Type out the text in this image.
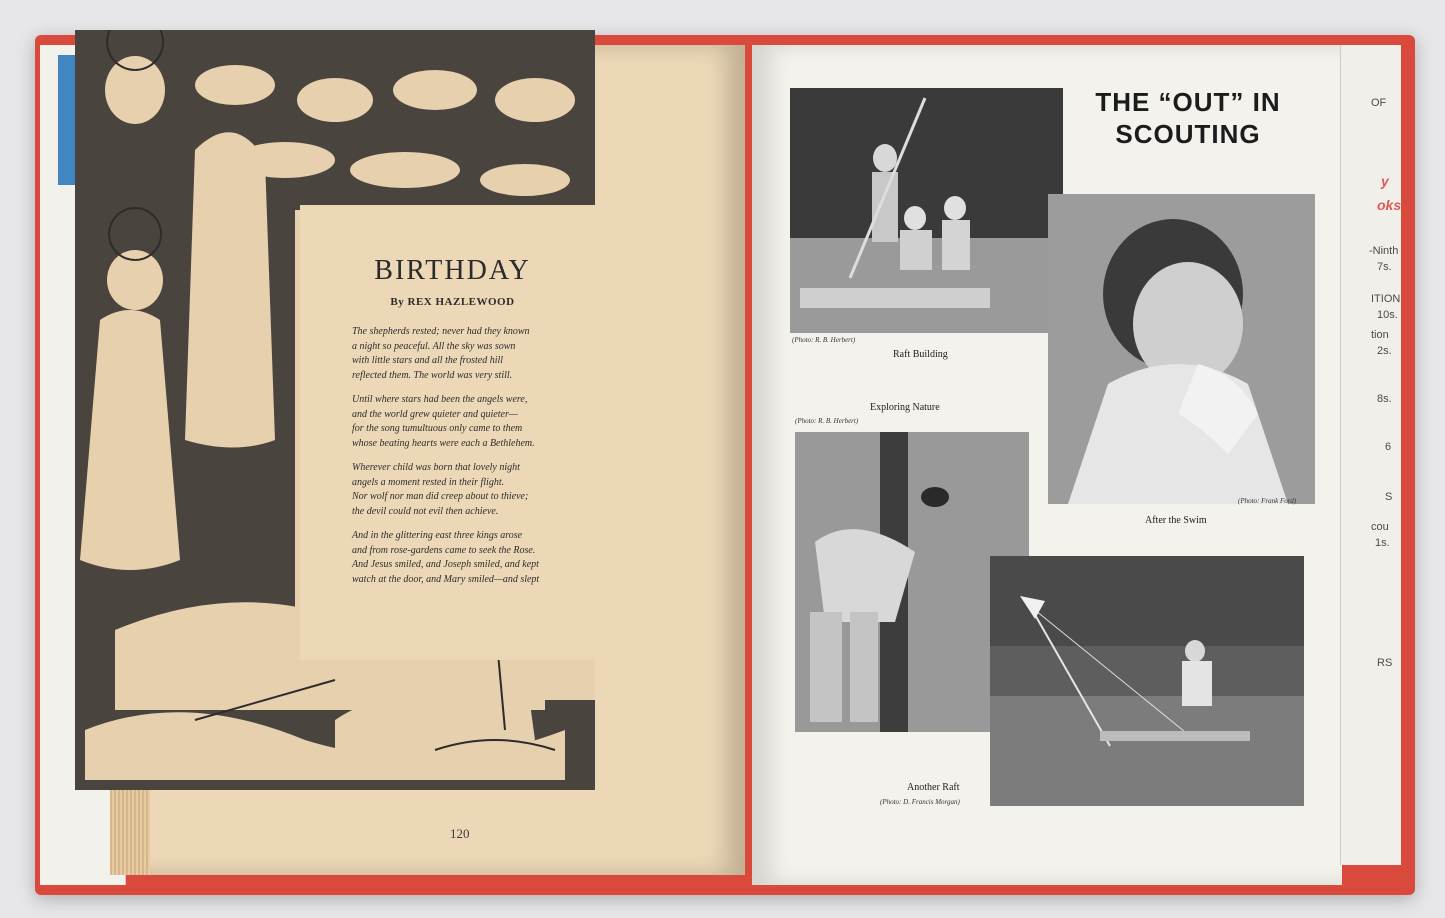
BIRTHDAY
By REX HAZLEWOOD
The shepherds rested; never had they known
a night so peaceful. All the sky was sown
with little stars and all the frosted hill
reflected them. The world was very still.
Until where stars had been the angels were,
and the world grew quieter and quieter—
for the song tumultuous only came to them
whose beating hearts were each a Bethlehem.
Wherever child was born that lovely night
angels a moment rested in their flight.
Nor wolf nor man did creep about to thieve;
the devil could not evil then achieve.
And in the glittering east three kings arose
and from rose-gardens came to seek the Rose.
And Jesus smiled, and Joseph smiled, and kept
watch at the door, and Mary smiled—and slept
120
OF
y
oks
-Ninth
7s.
ITION
10s.
tion
2s.
8s.
6
S
cou
1s.
RS
THE “OUT” IN
SCOUTING
(Photo: R. B. Herbert)
Raft Building
Exploring Nature
(Photo: R. B. Herbert)
(Photo: Frank Ford)
After the Swim
Another Raft
(Photo: D. Francis Morgan)
